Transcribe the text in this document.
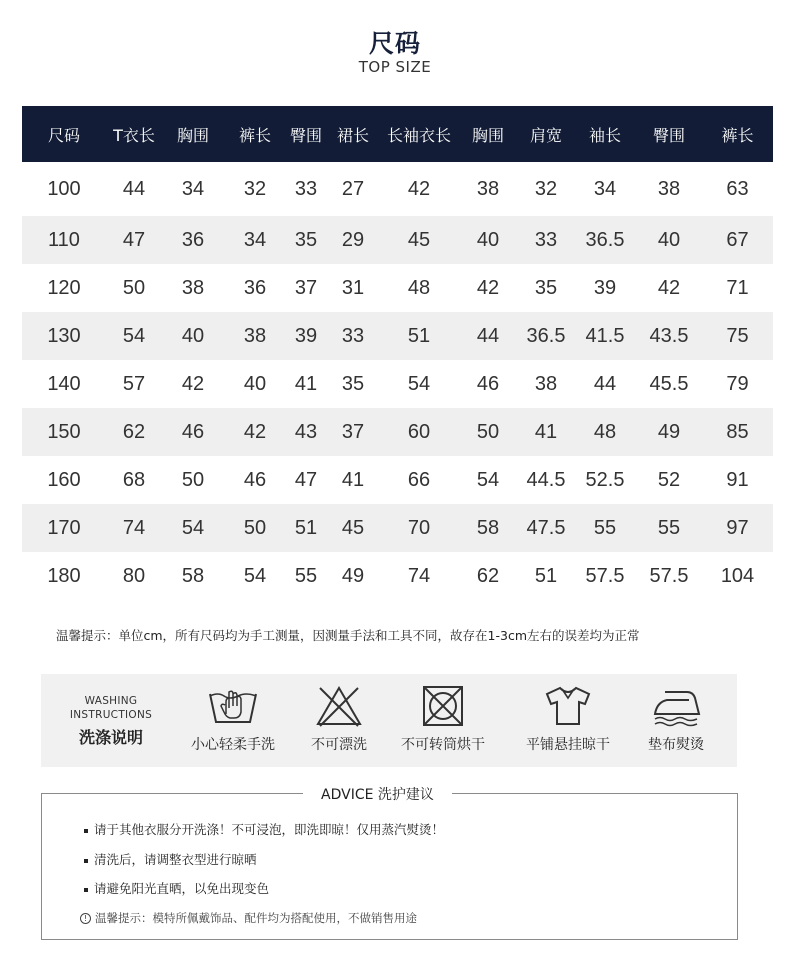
尺码
TOP SIZE
尺码	T衣长	胸围	裤长	臀围	裙长	长袖衣长	胸围	肩宽	袖长	臀围	裤长
100	44	34	32	33	27	42	38	32	34	38	63
110	47	36	34	35	29	45	40	33	36.5	40	67
120	50	38	36	37	31	48	42	35	39	42	71
130	54	40	38	39	33	51	44	36.5	41.5	43.5	75
140	57	42	40	41	35	54	46	38	44	45.5	79
150	62	46	42	43	37	60	50	41	48	49	85
160	68	50	46	47	41	66	54	44.5	52.5	52	91
170	74	54	50	51	45	70	58	47.5	55	55	97
180	80	58	54	55	49	74	62	51	57.5	57.5	104
温馨提示：单位cm，所有尺码均为手工测量，因测量手法和工具不同，故存在1-3cm左右的误差均为正常
WASHING
INSTRUCTIONS
洗涤说明	小心轻柔手洗	不可漂洗	不可转筒烘干	平铺悬挂晾干	垫布熨烫
ADVICE 洗护建议
请于其他衣服分开洗涤！不可浸泡，即洗即晾！仅用蒸汽熨烫！
清洗后，请调整衣型进行晾晒
请避免阳光直晒，以免出现变色
! 温馨提示：模特所佩戴饰品、配件均为搭配使用，不做销售用途
